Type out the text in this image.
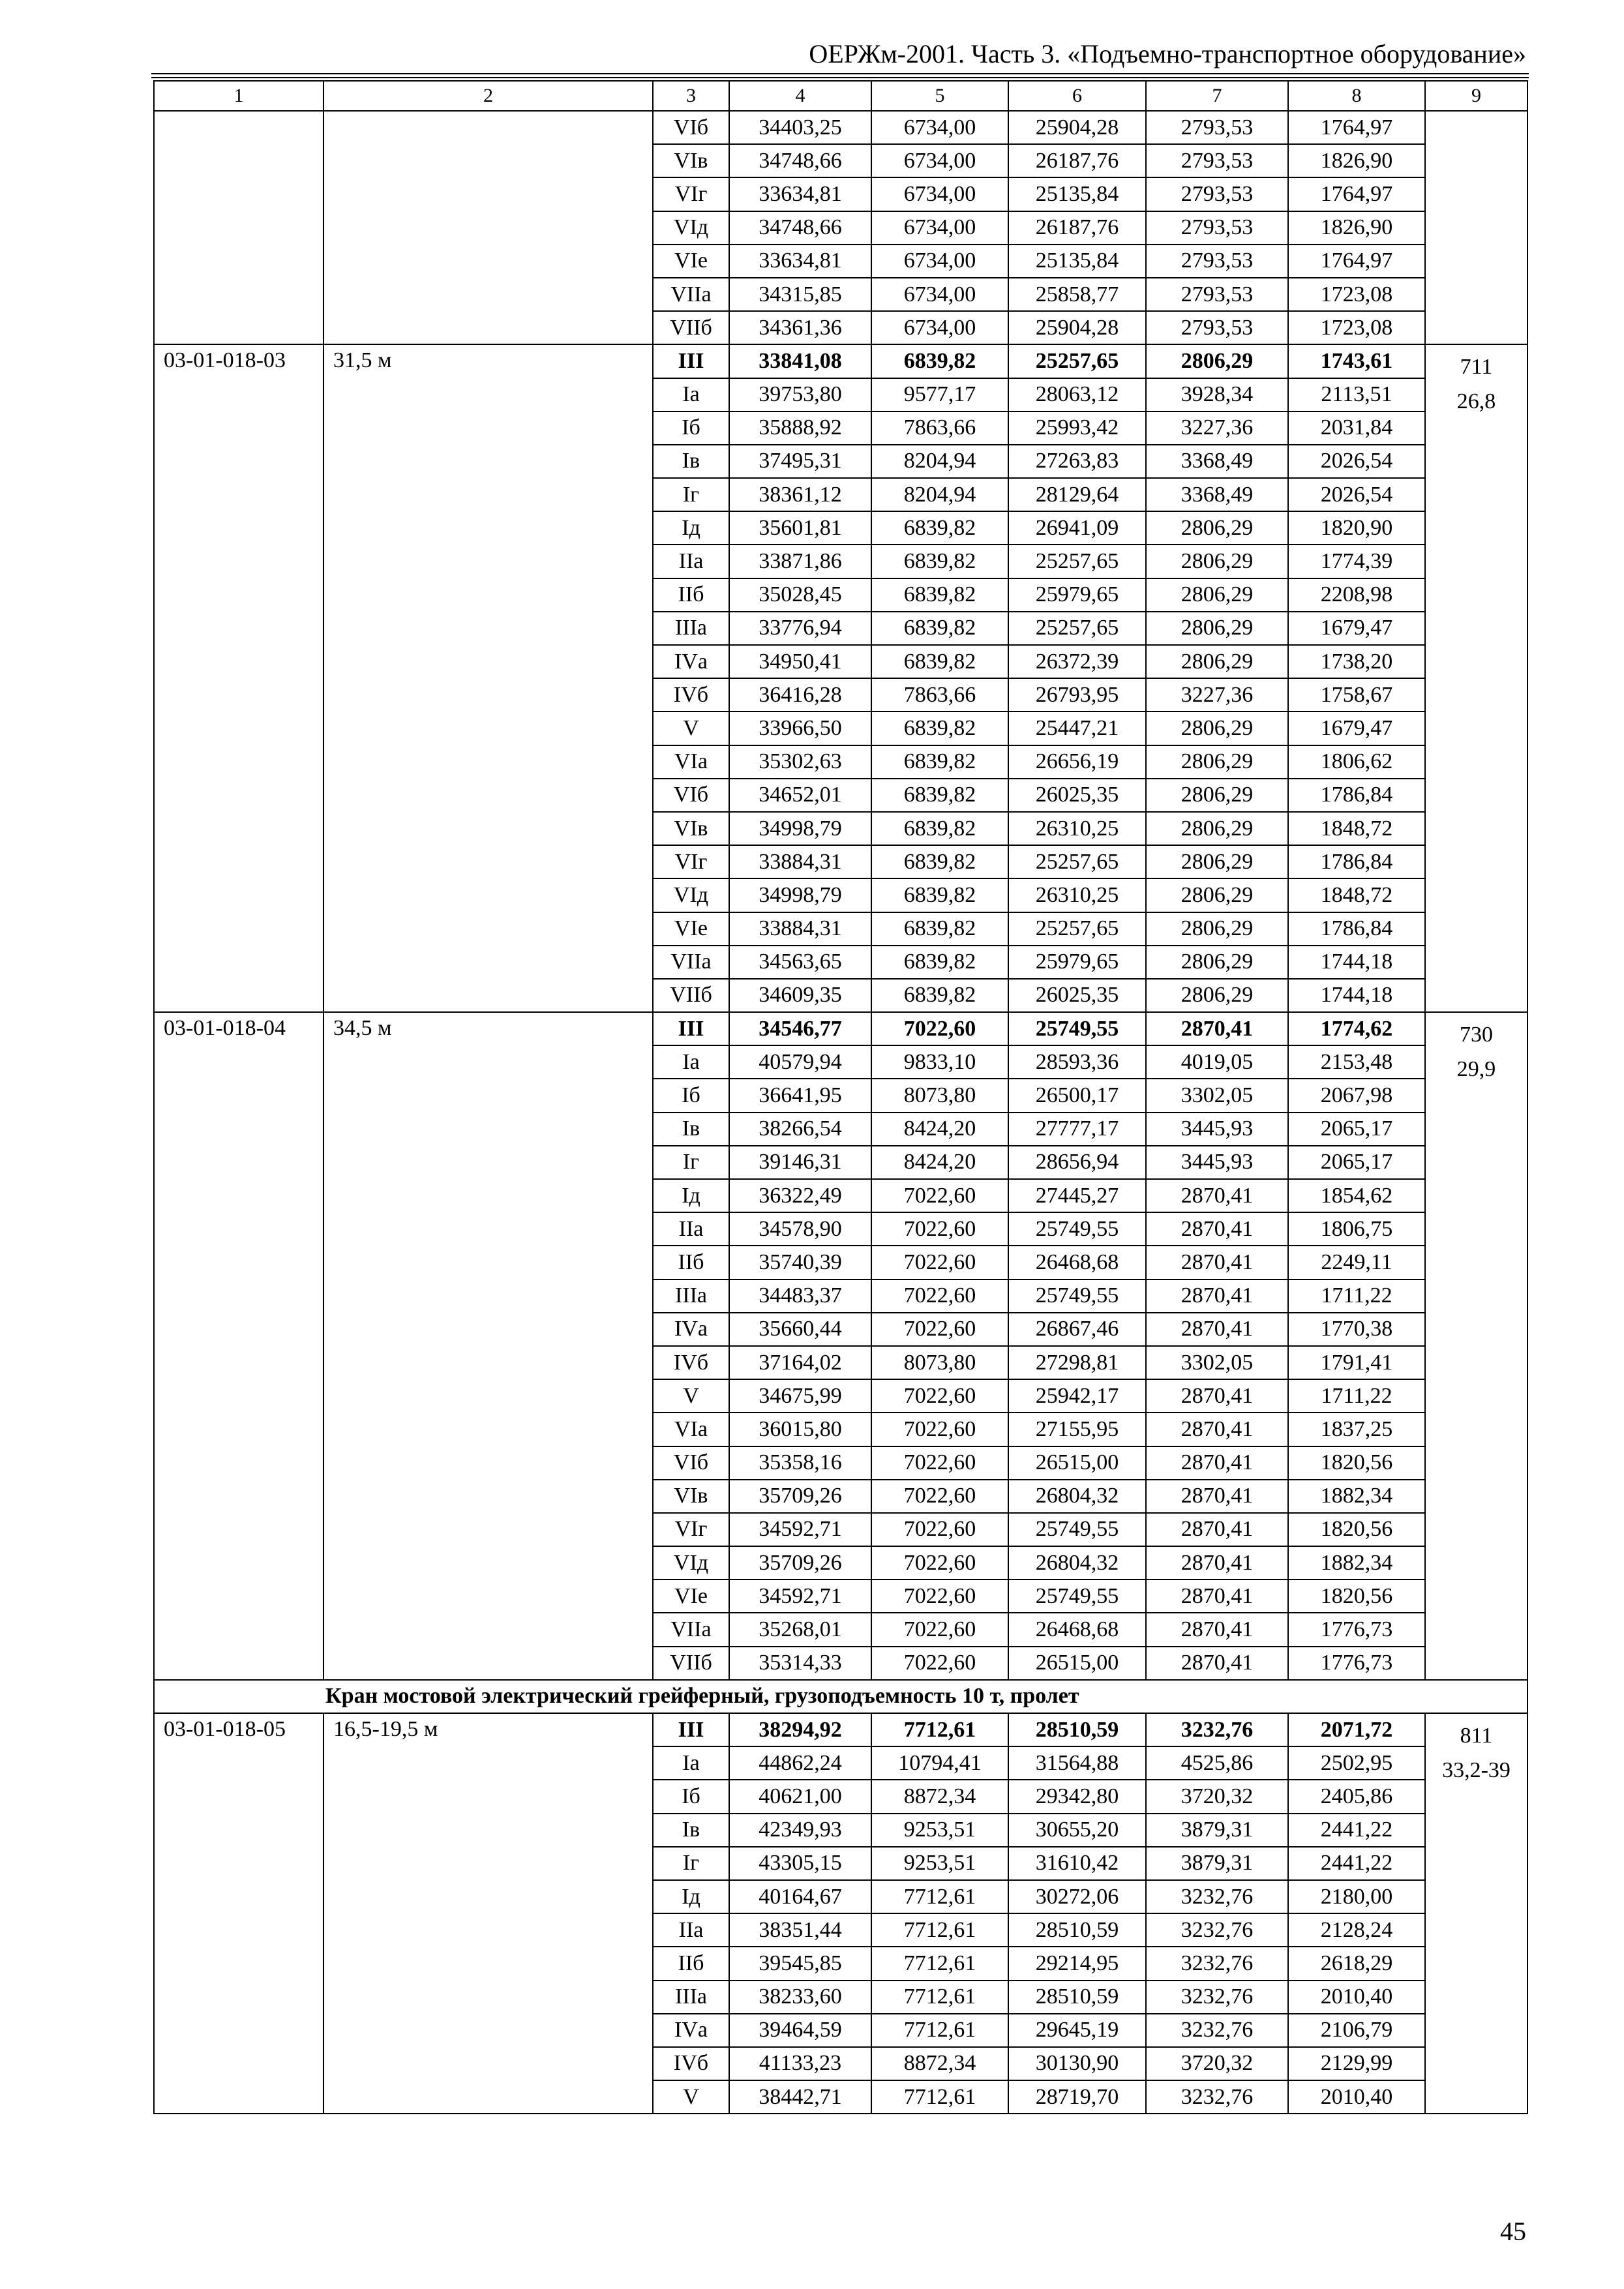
ОЕРЖм-2001. Часть 3. «Подъемно-транспортное оборудование»
1	2	3	4	5	6	7	8	9
		VIб	34403,25	6734,00	25904,28	2793,53	1764,97	
		VIв	34748,66	6734,00	26187,76	2793,53	1826,90	
		VIг	33634,81	6734,00	25135,84	2793,53	1764,97	
		VIд	34748,66	6734,00	26187,76	2793,53	1826,90	
		VIе	33634,81	6734,00	25135,84	2793,53	1764,97	
		VIIа	34315,85	6734,00	25858,77	2793,53	1723,08	
		VIIб	34361,36	6734,00	25904,28	2793,53	1723,08	
03-01-018-03	31,5 м	III	33841,08	6839,82	25257,65	2806,29	1743,61	711
26,8

		Iа	39753,80	9577,17	28063,12	3928,34	2113,51	
		Iб	35888,92	7863,66	25993,42	3227,36	2031,84	
		Iв	37495,31	8204,94	27263,83	3368,49	2026,54	
		Iг	38361,12	8204,94	28129,64	3368,49	2026,54	
		Iд	35601,81	6839,82	26941,09	2806,29	1820,90	
		IIа	33871,86	6839,82	25257,65	2806,29	1774,39	
		IIб	35028,45	6839,82	25979,65	2806,29	2208,98	
		IIIа	33776,94	6839,82	25257,65	2806,29	1679,47	
		IVа	34950,41	6839,82	26372,39	2806,29	1738,20	
		IVб	36416,28	7863,66	26793,95	3227,36	1758,67	
		V	33966,50	6839,82	25447,21	2806,29	1679,47	
		VIа	35302,63	6839,82	26656,19	2806,29	1806,62	
		VIб	34652,01	6839,82	26025,35	2806,29	1786,84	
		VIв	34998,79	6839,82	26310,25	2806,29	1848,72	
		VIг	33884,31	6839,82	25257,65	2806,29	1786,84	
		VIд	34998,79	6839,82	26310,25	2806,29	1848,72	
		VIе	33884,31	6839,82	25257,65	2806,29	1786,84	
		VIIа	34563,65	6839,82	25979,65	2806,29	1744,18	
		VIIб	34609,35	6839,82	26025,35	2806,29	1744,18	
03-01-018-04	34,5 м	III	34546,77	7022,60	25749,55	2870,41	1774,62	730
29,9

		Iа	40579,94	9833,10	28593,36	4019,05	2153,48	
		Iб	36641,95	8073,80	26500,17	3302,05	2067,98	
		Iв	38266,54	8424,20	27777,17	3445,93	2065,17	
		Iг	39146,31	8424,20	28656,94	3445,93	2065,17	
		Iд	36322,49	7022,60	27445,27	2870,41	1854,62	
		IIа	34578,90	7022,60	25749,55	2870,41	1806,75	
		IIб	35740,39	7022,60	26468,68	2870,41	2249,11	
		IIIа	34483,37	7022,60	25749,55	2870,41	1711,22	
		IVа	35660,44	7022,60	26867,46	2870,41	1770,38	
		IVб	37164,02	8073,80	27298,81	3302,05	1791,41	
		V	34675,99	7022,60	25942,17	2870,41	1711,22	
		VIа	36015,80	7022,60	27155,95	2870,41	1837,25	
		VIб	35358,16	7022,60	26515,00	2870,41	1820,56	
		VIв	35709,26	7022,60	26804,32	2870,41	1882,34	
		VIг	34592,71	7022,60	25749,55	2870,41	1820,56	
		VIд	35709,26	7022,60	26804,32	2870,41	1882,34	
		VIе	34592,71	7022,60	25749,55	2870,41	1820,56	
		VIIа	35268,01	7022,60	26468,68	2870,41	1776,73	
		VIIб	35314,33	7022,60	26515,00	2870,41	1776,73	
Кран мостовой электрический грейферный, грузоподъемность 10 т, пролет								
03-01-018-05	16,5-19,5 м	III	38294,92	7712,61	28510,59	3232,76	2071,72	811
33,2-39

		Iа	44862,24	10794,41	31564,88	4525,86	2502,95	
		Iб	40621,00	8872,34	29342,80	3720,32	2405,86	
		Iв	42349,93	9253,51	30655,20	3879,31	2441,22	
		Iг	43305,15	9253,51	31610,42	3879,31	2441,22	
		Iд	40164,67	7712,61	30272,06	3232,76	2180,00	
		IIа	38351,44	7712,61	28510,59	3232,76	2128,24	
		IIб	39545,85	7712,61	29214,95	3232,76	2618,29	
		IIIа	38233,60	7712,61	28510,59	3232,76	2010,40	
		IVа	39464,59	7712,61	29645,19	3232,76	2106,79	
		IVб	41133,23	8872,34	30130,90	3720,32	2129,99	
		V	38442,71	7712,61	28719,70	3232,76	2010,40	
45
